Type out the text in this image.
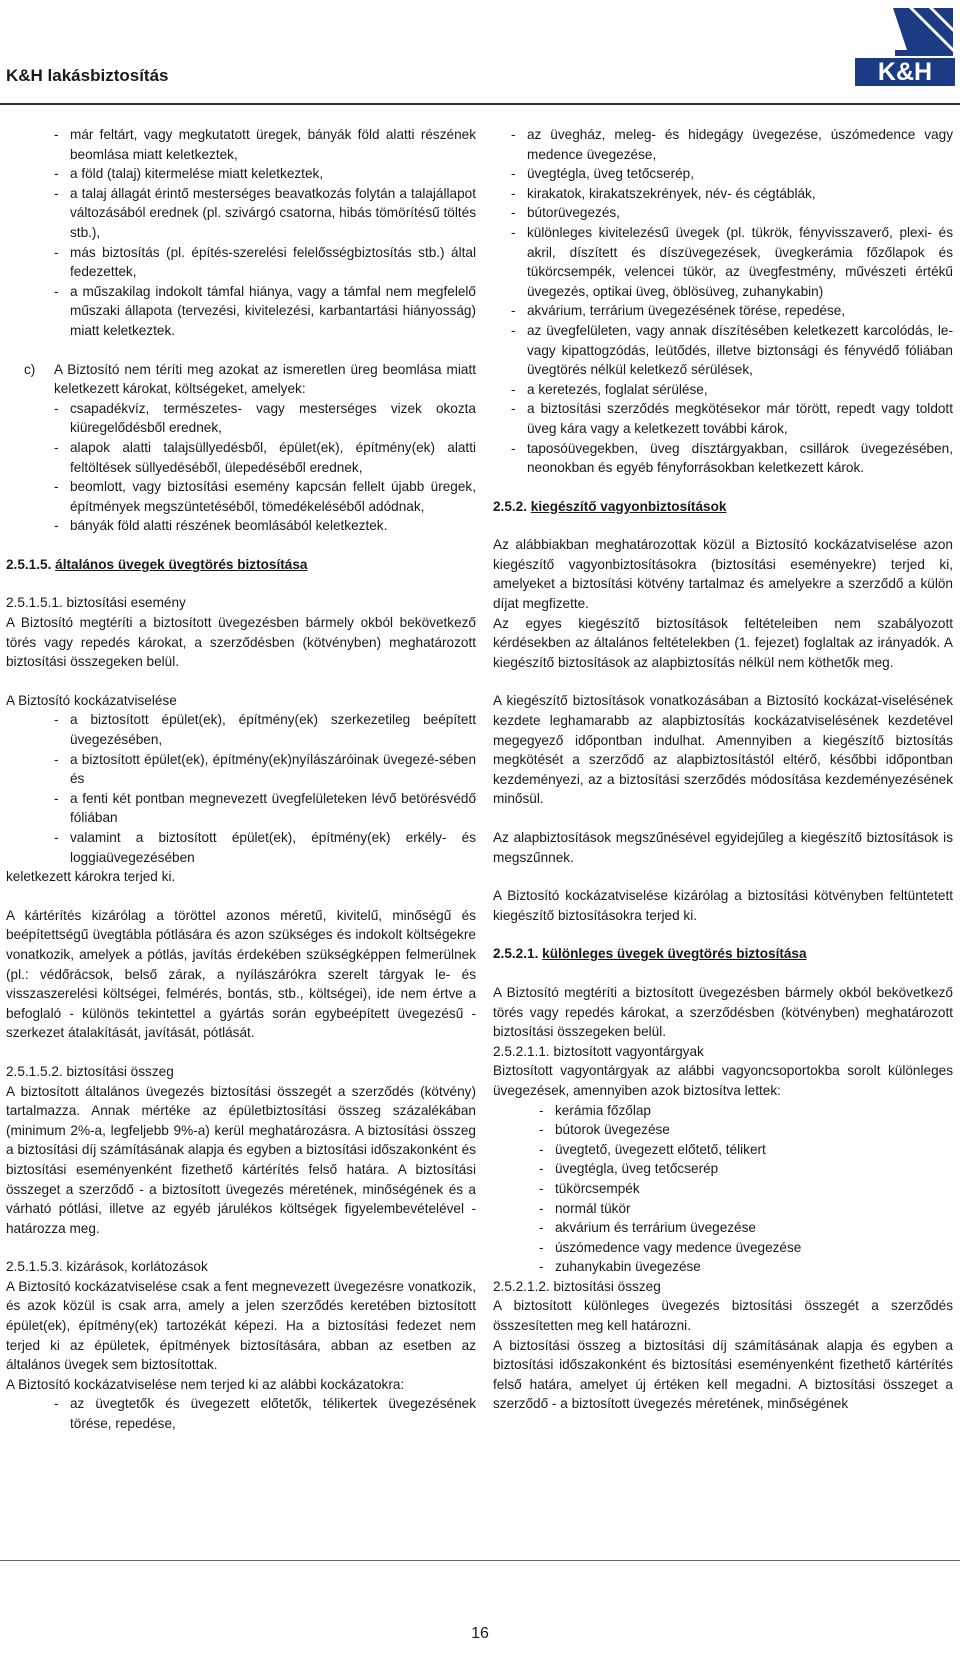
K&H lakásbiztosítás	K&H
- már feltárt, vagy megkutatott üregek, bányák föld alatti részének beomlása miatt keletkeztek,
- a föld (talaj) kitermelése miatt keletkeztek,
- a talaj állagát érintő mesterséges beavatkozás folytán a talajállapot változásából erednek (pl. szivárgó csatorna, hibás tömörítésű töltés stb.),
- más biztosítás (pl. építés-szerelési felelősségbiztosítás stb.) által fedezettek,
- a műszakilag indokolt támfal hiánya, vagy a támfal nem megfelelő műszaki állapota (tervezési, kivitelezési, karbantartási hiányosság) miatt keletkeztek.
c)	A Biztosító nem téríti meg azokat az ismeretlen üreg beomlása miatt keletkezett károkat, költségeket, amelyek:

- csapadékvíz, természetes- vagy mesterséges vizek okozta kiüregelődésből erednek,
- alapok alatti talajsüllyedésből, épület(ek), építmény(ek) alatti feltöltések süllyedéséből, ülepedéséből erednek,
- beomlott, vagy biztosítási esemény kapcsán fellelt újabb üregek, építmények megszüntetéséből, tömedékeléséből adódnak,
- bányák föld alatti részének beomlásából keletkeztek.

2.5.1.5. általános üvegek üvegtörés biztosítása

2.5.1.5.1. biztosítási esemény

A Biztosító megtéríti a biztosított üvegezésben bármely okból bekövetkező törés vagy repedés károkat, a szerződésben (kötvényben) meghatározott biztosítási összegeken belül.

A Biztosító kockázatviselése

- a biztosított épület(ek), építmény(ek) szerkezetileg beépített üvegezésében,
- a biztosított épület(ek), építmény(ek)nyílászáróinak üvegezé-sében és
- a fenti két pontban megnevezett üvegfelületeken lévő betörésvédő fóliában
- valamint a biztosított épület(ek), építmény(ek) erkély- és loggiaüvegezésében

keletkezett károkra terjed ki.

A kártérítés kizárólag a töröttel azonos méretű, kivitelű, minőségű és beépítettségű üvegtábla pótlására és azon szükséges és indokolt költségekre vonatkozik, amelyek a pótlás, javítás érdekében szükségképpen felmerülnek (pl.: védőrácsok, belső zárak, a nyílászárókra szerelt tárgyak le- és visszaszerelési költségei, felmérés, bontás, stb., költségei), ide nem értve a befoglaló - különös tekintettel a gyártás során egybeépített üvegezésű - szerkezet átalakítását, javítását, pótlását.

2.5.1.5.2. biztosítási összeg

A biztosított általános üvegezés biztosítási összegét a szerződés (kötvény) tartalmazza. Annak mértéke az épületbiztosítási összeg százalékában (minimum 2%-a, legfeljebb 9%-a) kerül meghatározásra. A biztosítási összeg a biztosítási díj számításának alapja és egyben a biztosítási időszakonként és biztosítási eseményenként fizethető kártérítés felső határa. A biztosítási összeget a szerződő - a biztosított üvegezés méretének, minőségének és a várható pótlási, illetve az egyéb járulékos költségek figyelembevételével - határozza meg.

2.5.1.5.3. kizárások, korlátozások

A Biztosító kockázatviselése csak a fent megnevezett üvegezésre vonatkozik, és azok közül is csak arra, amely a jelen szerződés keretében biztosított épület(ek), építmény(ek) tartozékát képezi. Ha a biztosítási fedezet nem terjed ki az épületek, építmények biztosítására, abban az esetben az általános üvegek sem biztosítottak.

A Biztosító kockázatviselése nem terjed ki az alábbi kockázatokra:

- az üvegtetők és üvegezett előtetők, télikertek üvegezésének törése, repedése,
- az üvegház, meleg- és hidegágy üvegezése, úszómedence vagy medence üvegezése,
- üvegtégla, üveg tetőcserép,
- kirakatok, kirakatszekrények, név- és cégtáblák,
- bútorüvegezés,
- különleges kivitelezésű üvegek (pl. tükrök, fényvisszaverő, plexi- és akril, díszített és díszüvegezések, üvegkerámia főzőlapok és tükörcsempék, velencei tükör, az üvegfestmény, művészeti értékű üvegezés, optikai üveg, öblösüveg, zuhanykabin)
- akvárium, terrárium üvegezésének törése, repedése,
- az üvegfelületen, vagy annak díszítésében keletkezett karcolódás, le- vagy kipattogzódás, leütődés, illetve biztonsági és fényvédő fóliában üvegtörés nélkül keletkező sérülések,
- a keretezés, foglalat sérülése,
- a biztosítási szerződés megkötésekor már törött, repedt vagy toldott üveg kára vagy a keletkezett további károk,
- taposóüvegekben, üveg dísztárgyakban, csillárok üvegezésében, neonokban és egyéb fényforrásokban keletkezett károk.

2.5.2. kiegészítő vagyonbiztosítások

Az alábbiakban meghatározottak közül a Biztosító kockázatviselése azon kiegészítő vagyonbiztosításokra (biztosítási eseményekre) terjed ki, amelyeket a biztosítási kötvény tartalmaz és amelyekre a szerződő a külön díjat megfizette.

Az egyes kiegészítő biztosítások feltételeiben nem szabályozott kérdésekben az általános feltételekben (1. fejezet) foglaltak az irányadók. A kiegészítő biztosítások az alapbiztosítás nélkül nem köthetők meg.

A kiegészítő biztosítások vonatkozásában a Biztosító kockázat-viselésének kezdete leghamarabb az alapbiztosítás kockázatviselésének kezdetével megegyező időpontban indulhat. Amennyiben a kiegészítő biztosítás megkötését a szerződő az alapbiztosítástól eltérő, későbbi időpontban kezdeményezi, az a biztosítási szerződés módosítása kezdeményezésének minősül.

Az alapbiztosítások megszűnésével egyidejűleg a kiegészítő biztosítások is megszűnnek.

A Biztosító kockázatviselése kizárólag a biztosítási kötvényben feltüntetett kiegészítő biztosításokra terjed ki.

2.5.2.1. különleges üvegek üvegtörés biztosítása

A Biztosító megtéríti a biztosított üvegezésben bármely okból bekövetkező törés vagy repedés károkat, a szerződésben (kötvényben) meghatározott biztosítási összegeken belül.

2.5.2.1.1. biztosított vagyontárgyak

Biztosított vagyontárgyak az alábbi vagyoncsoportokba sorolt különleges üvegezések, amennyiben azok biztosítva lettek:

- kerámia főzőlap
- bútorok üvegezése
- üvegtető, üvegezett előtető, télikert
- üvegtégla, üveg tetőcserép
- tükörcsempék
- normál tükör
- akvárium és terrárium üvegezése
- úszómedence vagy medence üvegezése
- zuhanykabin üvegezése

2.5.2.1.2. biztosítási összeg

A biztosított különleges üvegezés biztosítási összegét a szerződés összesítetten meg kell határozni.

A biztosítási összeg a biztosítási díj számításának alapja és egyben a biztosítási időszakonként és biztosítási eseményenként fizethető kártérítés felső határa, amelyet új értéken kell megadni. A biztosítási összeget a szerződő - a biztosított üvegezés méretének, minőségének

16
